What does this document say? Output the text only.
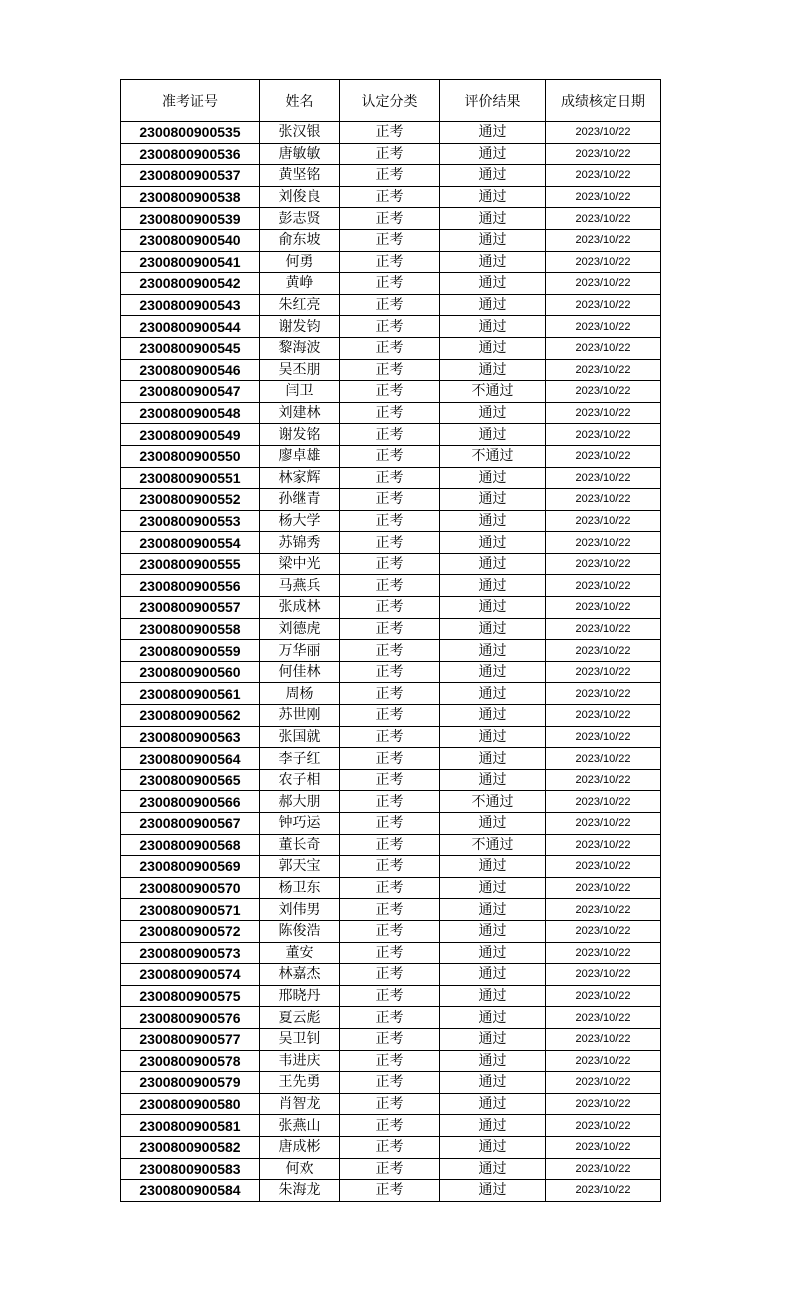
准考证号	姓名	认定分类	评价结果	成绩核定日期
2300800900535	张汉银	正考	通过	2023/10/22
2300800900536	唐敏敏	正考	通过	2023/10/22
2300800900537	黄坚铭	正考	通过	2023/10/22
2300800900538	刘俊良	正考	通过	2023/10/22
2300800900539	彭志贤	正考	通过	2023/10/22
2300800900540	俞东坡	正考	通过	2023/10/22
2300800900541	何勇	正考	通过	2023/10/22
2300800900542	黄峥	正考	通过	2023/10/22
2300800900543	朱红亮	正考	通过	2023/10/22
2300800900544	谢发钧	正考	通过	2023/10/22
2300800900545	黎海波	正考	通过	2023/10/22
2300800900546	吴丕朋	正考	通过	2023/10/22
2300800900547	闫卫	正考	不通过	2023/10/22
2300800900548	刘建林	正考	通过	2023/10/22
2300800900549	谢发铭	正考	通过	2023/10/22
2300800900550	廖卓雄	正考	不通过	2023/10/22
2300800900551	林家辉	正考	通过	2023/10/22
2300800900552	孙继青	正考	通过	2023/10/22
2300800900553	杨大学	正考	通过	2023/10/22
2300800900554	苏锦秀	正考	通过	2023/10/22
2300800900555	梁中光	正考	通过	2023/10/22
2300800900556	马燕兵	正考	通过	2023/10/22
2300800900557	张成林	正考	通过	2023/10/22
2300800900558	刘德虎	正考	通过	2023/10/22
2300800900559	万华丽	正考	通过	2023/10/22
2300800900560	何佳林	正考	通过	2023/10/22
2300800900561	周杨	正考	通过	2023/10/22
2300800900562	苏世刚	正考	通过	2023/10/22
2300800900563	张国就	正考	通过	2023/10/22
2300800900564	李子红	正考	通过	2023/10/22
2300800900565	农子相	正考	通过	2023/10/22
2300800900566	郝大朋	正考	不通过	2023/10/22
2300800900567	钟巧运	正考	通过	2023/10/22
2300800900568	董长奇	正考	不通过	2023/10/22
2300800900569	郭天宝	正考	通过	2023/10/22
2300800900570	杨卫东	正考	通过	2023/10/22
2300800900571	刘伟男	正考	通过	2023/10/22
2300800900572	陈俊浩	正考	通过	2023/10/22
2300800900573	董安	正考	通过	2023/10/22
2300800900574	林嘉杰	正考	通过	2023/10/22
2300800900575	邢晓丹	正考	通过	2023/10/22
2300800900576	夏云彪	正考	通过	2023/10/22
2300800900577	吴卫钊	正考	通过	2023/10/22
2300800900578	韦进庆	正考	通过	2023/10/22
2300800900579	王先勇	正考	通过	2023/10/22
2300800900580	肖智龙	正考	通过	2023/10/22
2300800900581	张燕山	正考	通过	2023/10/22
2300800900582	唐成彬	正考	通过	2023/10/22
2300800900583	何欢	正考	通过	2023/10/22
2300800900584	朱海龙	正考	通过	2023/10/22
